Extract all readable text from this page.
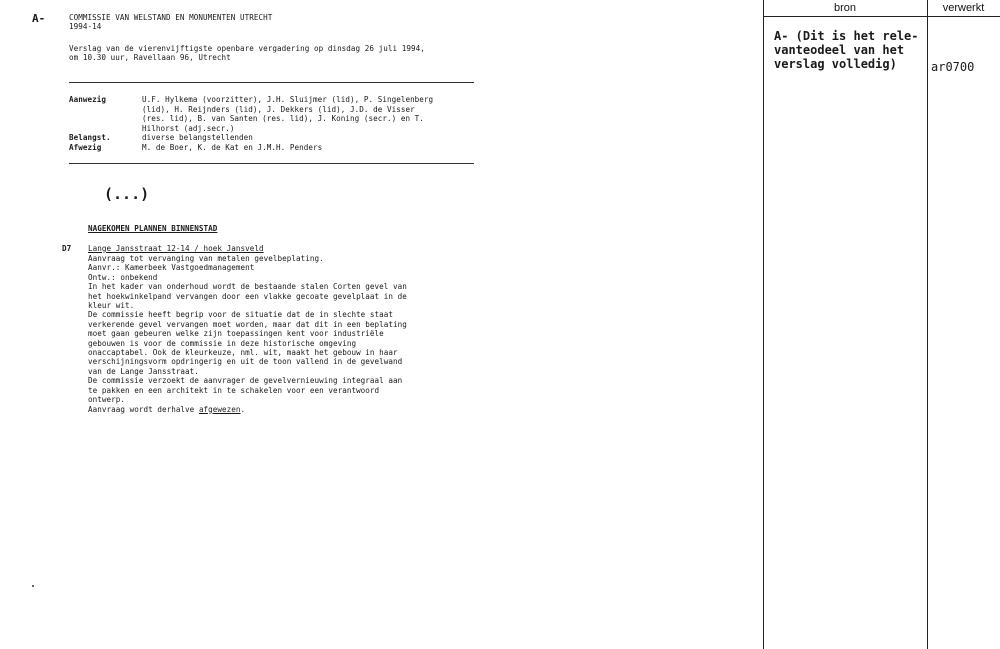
A-	COMMISSIE VAN WELSTAND EN MONUMENTEN UTRECHT
1994-14
Verslag van de vierenvijftigste openbare vergadering op dinsdag 26 juli 1994,
om 10.30 uur, Ravellaan 96, Utrecht
Aanwezig	U.F. Hylkema (voorzitter), J.H. Sluijmer (lid), P. Singelenberg
(lid), H. Reijnders (lid), J. Dekkers (lid), J.D. de Visser
(res. lid), B. van Santen (res. lid), J. Koning (secr.) en T.
Hilhorst (adj.secr.)
Belangst.	diverse belangstellenden
Afwezig	M. de Boer, K. de Kat en J.M.H. Penders
(...)
NAGEKOMEN PLANNEN BINNENSTAD
D7 Lange Jansstraat 12-14 / hoek Jansveld
Aanvraag tot vervanging van metalen gevelbeplating.
Aanvr.: Kamerbeek Vastgoedmanagement
Ontw.: onbekend
In het kader van onderhoud wordt de bestaande stalen Corten gevel van
het hoekwinkelpand vervangen door een vlakke gecoate gevelplaat in de
kleur wit.
De commissie heeft begrip voor de situatie dat de in slechte staat
verkerende gevel vervangen moet worden, maar dat dit in een beplating
moet gaan gebeuren welke zijn toepassingen kent voor industriële
gebouwen is voor de commissie in deze historische omgeving
onaccaptabel. Ook de kleurkeuze, nml. wit, maakt het gebouw in haar
verschijningsvorm opdringerig en uit de toon vallend in de gevelwand
van de Lange Jansstraat.
De commissie verzoekt de aanvrager de gevelvernieuwing integraal aan
te pakken en een architekt in te schakelen voor een verantwoord
ontwerp.
Aanvraag wordt derhalve afgewezen.
bron	verwerkt
A- (Dit is het rele-
vanteodeel van het
verslag volledig)	ar0700
